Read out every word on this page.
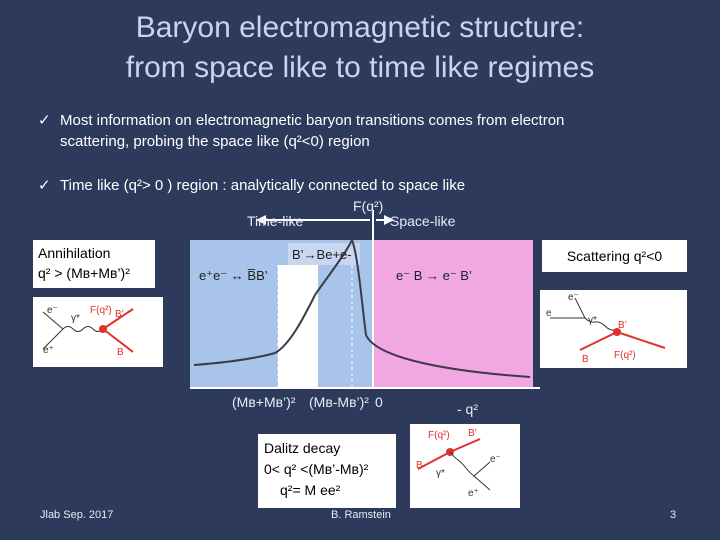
Baryon electromagnetic structure:
from space like to time like regimes
✓ Most information on electromagnetic baryon transitions comes from electron
scattering, probing the space like (q²<0) region
✓ Time like (q²> 0 ) region : analytically connected to space like
F(q²)
Time-like	Space-like
B’→Be+e-
e⁺e⁻ ↔ B̅B’	e⁻ B → e⁻ B’
(Mʙ+Mʙ’)² (Mʙ-Mʙ’)² 0	- q²
Annihilation
q² > (Mʙ+Mʙ’)²
e⁻
e⁺
γ*
F(q²) B’
B
Scattering q²<0
e
e⁻
γ* B’
B	F(q²)
Dalitz decay
0< q² <(Mʙ’-Mʙ)²
q²= M ee²
F(q²) B’
B
γ*
e⁻
e⁺
Jlab Sep. 2017	B. Ramstein	3
